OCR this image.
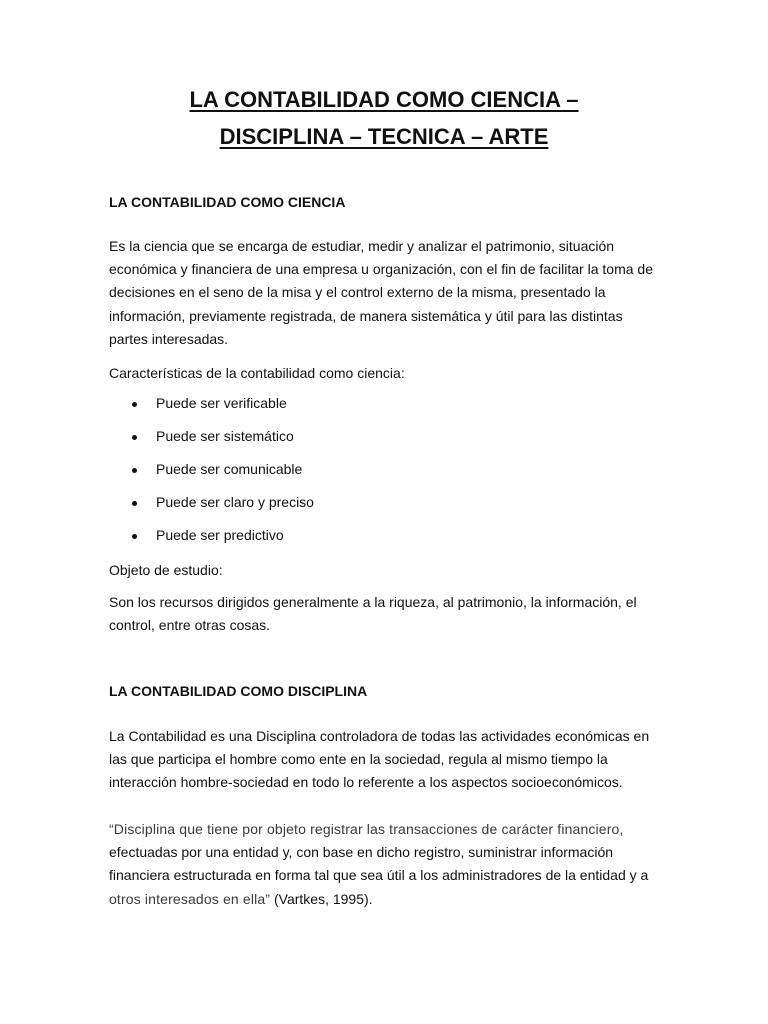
LA CONTABILIDAD COMO CIENCIA –
DISCIPLINA – TECNICA – ARTE
LA CONTABILIDAD COMO CIENCIA

Es la ciencia que se encarga de estudiar, medir y analizar el patrimonio, situación económica y financiera de una empresa u organización, con el fin de facilitar la toma de decisiones en el seno de la misa y el control externo de la misma, presentado la información, previamente registrada, de manera sistemática y útil para las distintas partes interesadas.

Características de la contabilidad como ciencia:

Puede ser verificable
Puede ser sistemático
Puede ser comunicable
Puede ser claro y preciso
Puede ser predictivo

Objeto de estudio:

Son los recursos dirigidos generalmente a la riqueza, al patrimonio, la información, el control, entre otras cosas.

LA CONTABILIDAD COMO DISCIPLINA

La Contabilidad es una Disciplina controladora de todas las actividades económicas en las que participa el hombre como ente en la sociedad, regula al mismo tiempo la interacción hombre-sociedad en todo lo referente a los aspectos socioeconómicos.

“Disciplina que tiene por objeto registrar las transacciones de carácter financiero, efectuadas por una entidad y, con base en dicho registro, suministrar información financiera estructurada en forma tal que sea útil a los administradores de la entidad y a otros interesados en ella” (Vartkes, 1995).
